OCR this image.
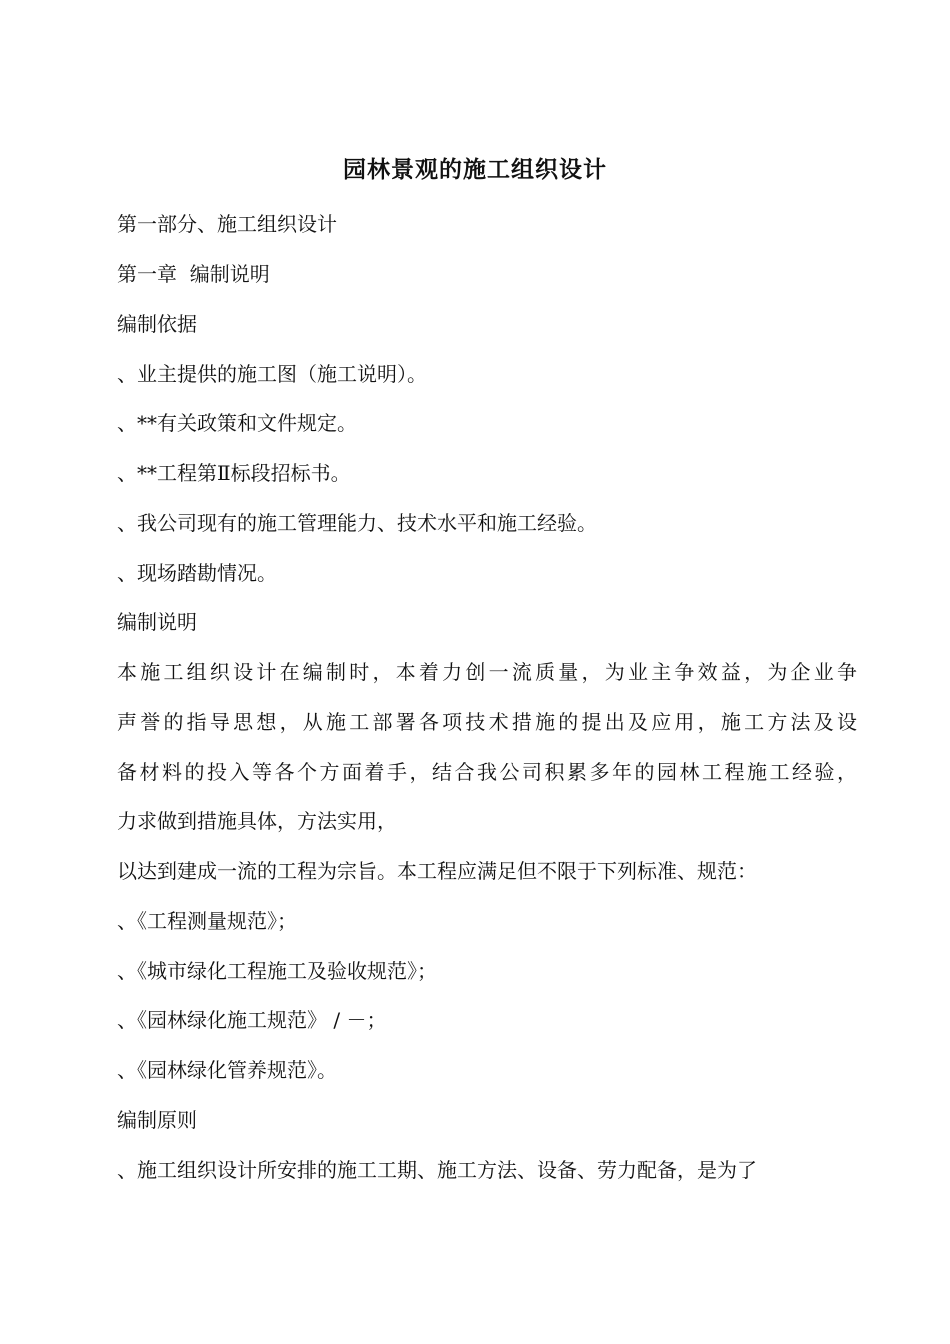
园林景观的施工组织设计

第一部分、施工组织设计

第一章  编制说明

编制依据

、业主提供的施工图（施工说明）。

、**有关政策和文件规定。

、**工程第Ⅱ标段招标书。

、我公司现有的施工管理能力、技术水平和施工经验。

、现场踏勘情况。

编制说明

本施工组织设计在编制时，本着力创一流质量，为业主争效益，为企业争

声誉的指导思想，从施工部署各项技术措施的提出及应用，施工方法及设

备材料的投入等各个方面着手，结合我公司积累多年的园林工程施工经验，

力求做到措施具体，方法实用，

以达到建成一流的工程为宗旨。本工程应满足但不限于下列标准、规范：

、《工程测量规范》；

、《城市绿化工程施工及验收规范》；

、《园林绿化施工规范》 / －；

、《园林绿化管养规范》。

编制原则

、施工组织设计所安排的施工工期、施工方法、设备、劳力配备，是为了
